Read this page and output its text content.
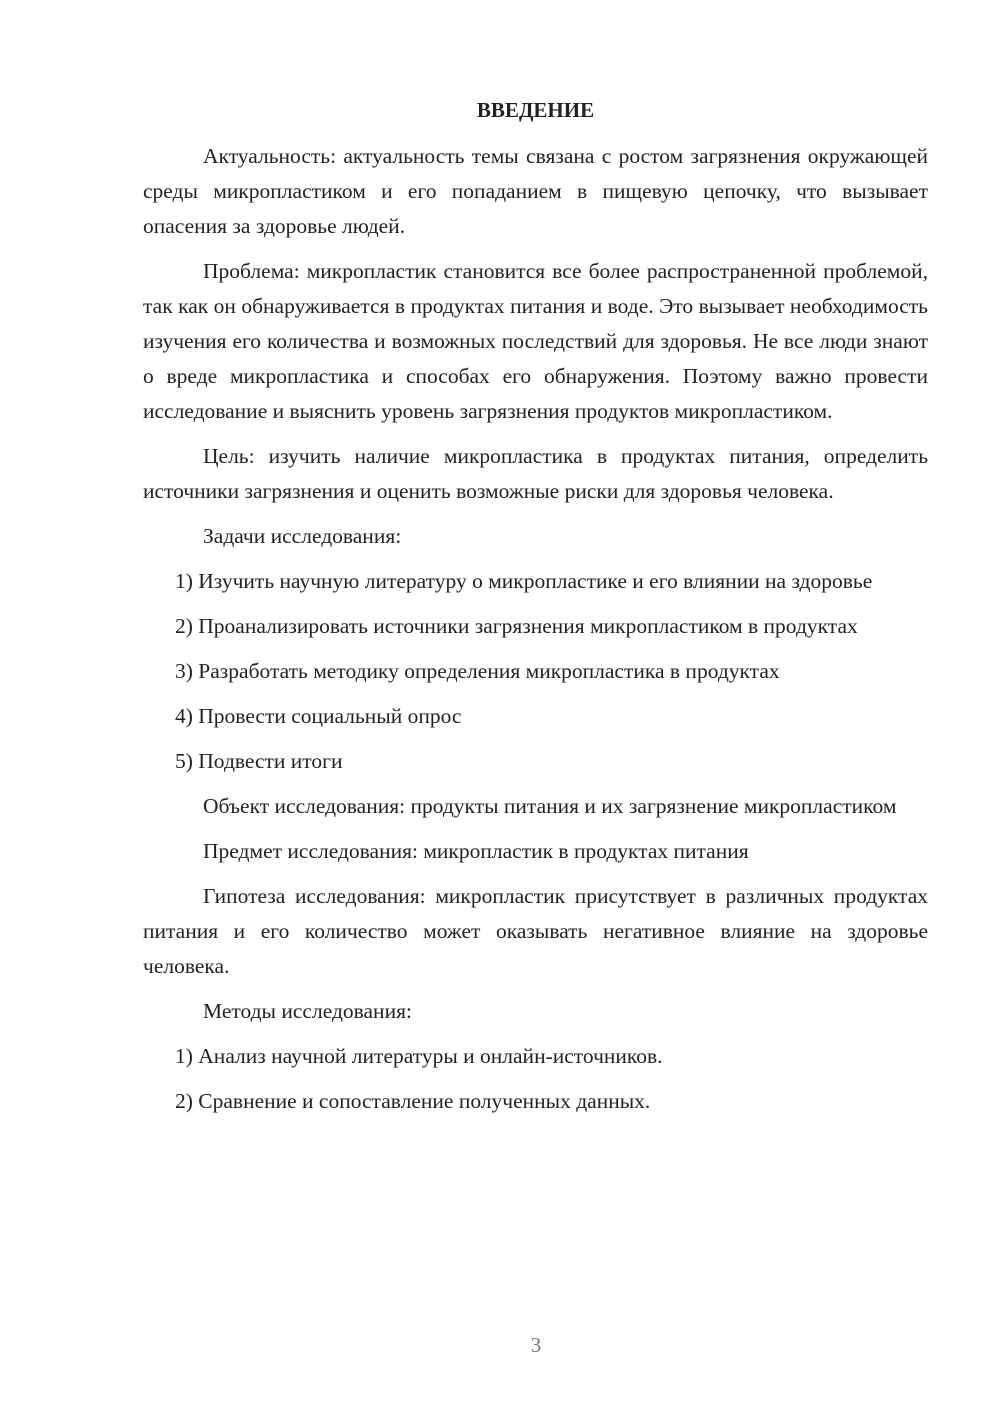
ВВЕДЕНИЕ
Актуальность: актуальность темы связана с ростом загрязнения окружающей среды микропластиком и его попаданием в пищевую цепочку, что вызывает опасения за здоровье людей.
Проблема: микропластик становится все более распространенной проблемой, так как он обнаруживается в продуктах питания и воде. Это вызывает необходимость изучения его количества и возможных последствий для здоровья. Не все люди знают о вреде микропластика и способах его обнаружения. Поэтому важно провести исследование и выяснить уровень загрязнения продуктов микропластиком.
Цель: изучить наличие микропластика в продуктах питания, определить источники загрязнения и оценить возможные риски для здоровья человека.
Задачи исследования:
1) Изучить научную литературу о микропластике и его влиянии на здоровье
2) Проанализировать источники загрязнения микропластиком в продуктах
3) Разработать методику определения микропластика в продуктах
4) Провести социальный опрос
5) Подвести итоги
Объект исследования: продукты питания и их загрязнение микропластиком
Предмет исследования: микропластик в продуктах питания
Гипотеза исследования: микропластик присутствует в различных продуктах питания и его количество может оказывать негативное влияние на здоровье человека.
Методы исследования:
1) Анализ научной литературы и онлайн-источников.
2) Сравнение и сопоставление полученных данных.
3
